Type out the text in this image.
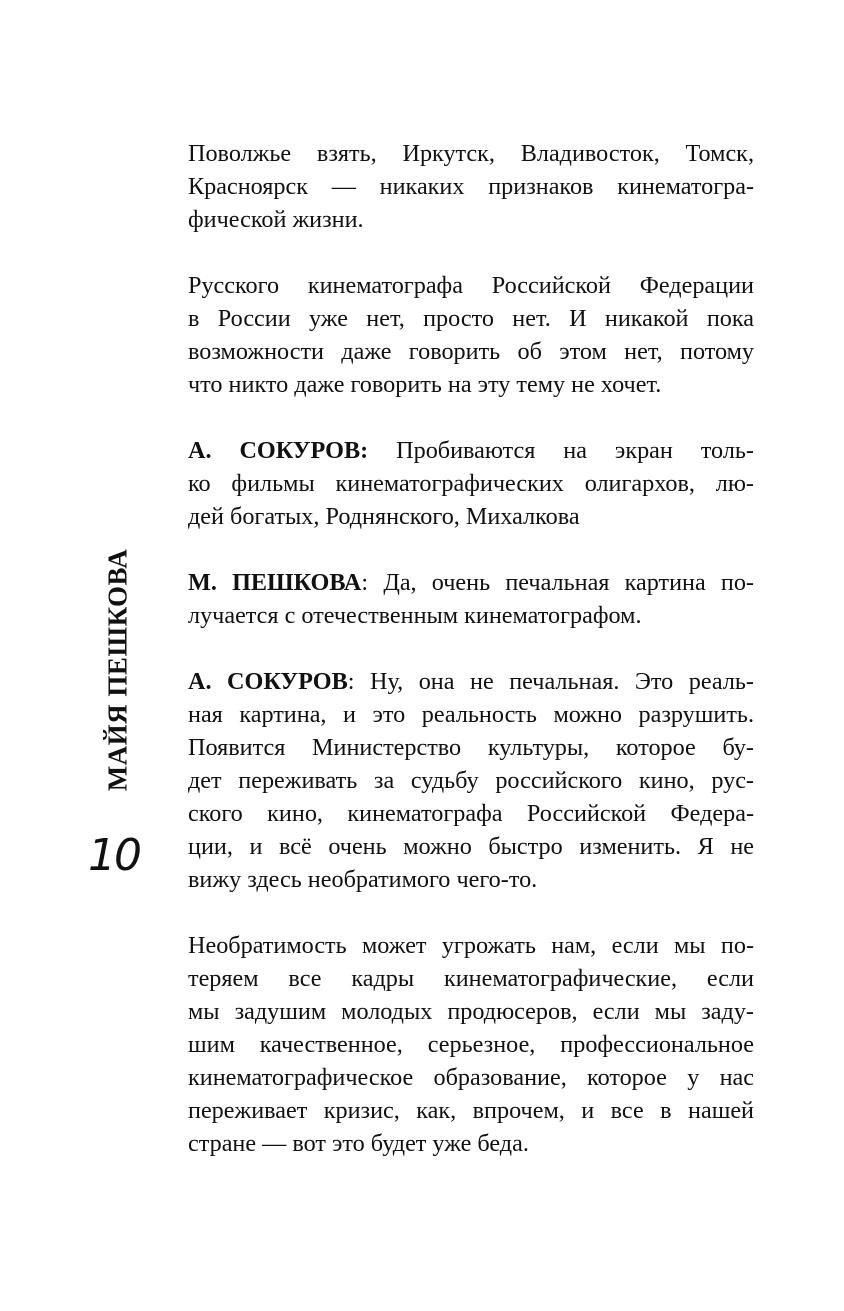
МАЙЯ ПЕШКОВА
10
Поволжье взять, Иркутск, Владивосток, Томск,
Красноярск — никаких признаков кинематогра-
фической жизни.
Русского кинематографа Российской Федерации
в России уже нет, просто нет. И никакой пока
возможности даже говорить об этом нет, потому
что никто даже говорить на эту тему не хочет.
А. СОКУРОВ: Пробиваются на экран толь-
ко фильмы кинематографических олигархов, лю-
дей богатых, Роднянского, Михалкова
М. ПЕШКОВА: Да, очень печальная картина по-
лучается с отечественным кинематографом.
А. СОКУРОВ: Ну, она не печальная. Это реаль-
ная картина, и это реальность можно разрушить.
Появится Министерство культуры, которое бу-
дет переживать за судьбу российского кино, рус-
ского кино, кинематографа Российской Федера-
ции, и всё очень можно быстро изменить. Я не
вижу здесь необратимого чего-то.
Необратимость может угрожать нам, если мы по-
теряем все кадры кинематографические, если
мы задушим молодых продюсеров, если мы заду-
шим качественное, серьезное, профессиональное
кинематографическое образование, которое у нас
переживает кризис, как, впрочем, и все в нашей
стране — вот это будет уже беда.
